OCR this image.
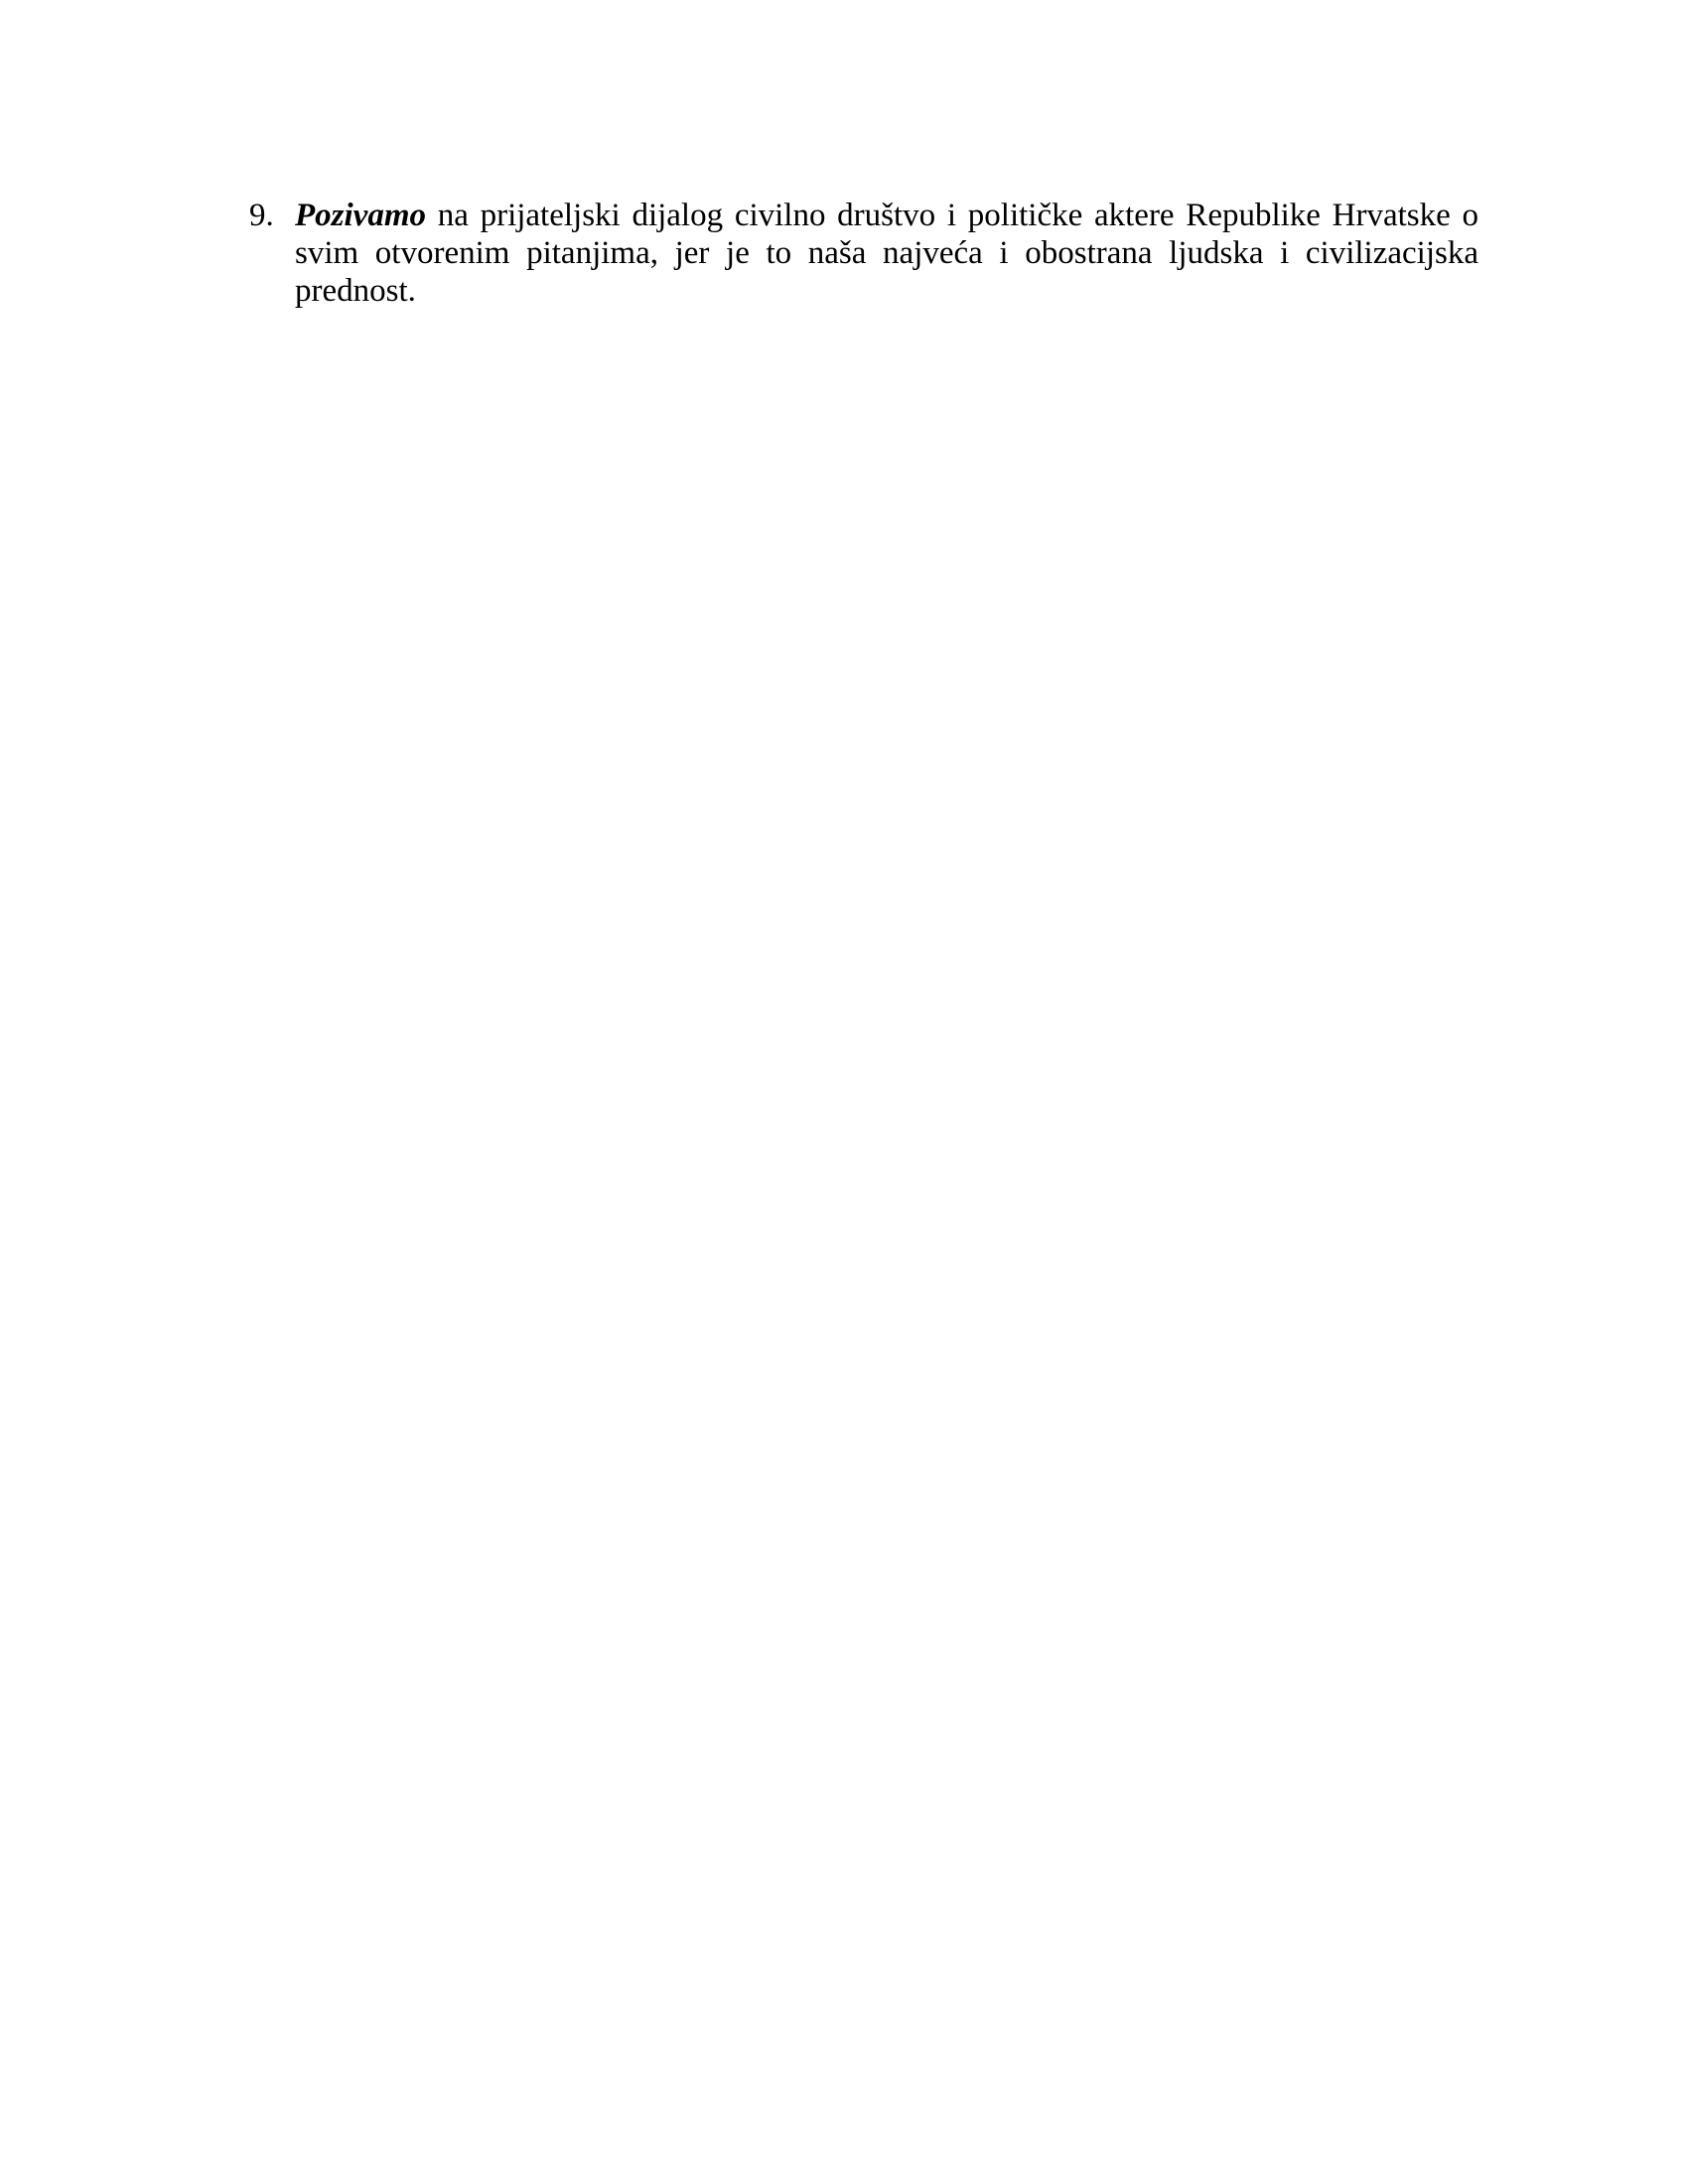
9. Pozivamo na prijateljski dijalog civilno društvo i političke aktere Republike Hrvatske o
svim otvorenim pitanjima, jer je to naša najveća i obostrana ljudska i civilizacijska
prednost.
